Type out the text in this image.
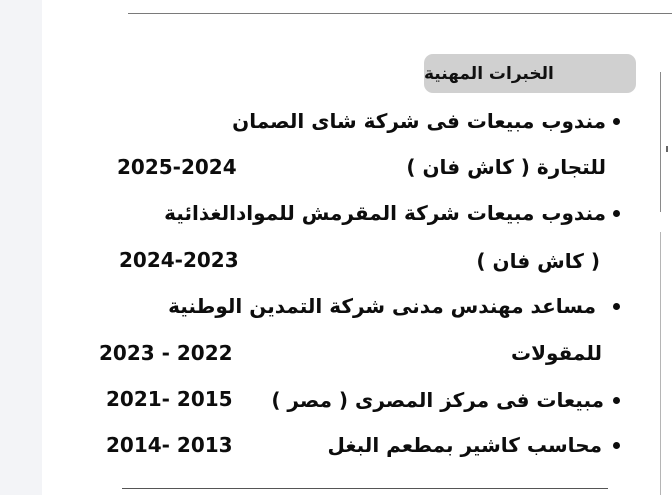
الخبرات المهنية
مندوب مبيعات فى شركة شاى الصمان
للتجارة ( كاش فان )
2025-2024
مندوب مبيعات شركة المقرمش للموادالغذائية
( كاش فان )
2024-2023
مساعد مهندس مدنى شركة التمدين الوطنية
للمقولات
2023 - 2022
مبيعات فى مركز المصرى ( مصر )
2021- 2015
محاسب كاشير بمطعم البغل
2014- 2013
